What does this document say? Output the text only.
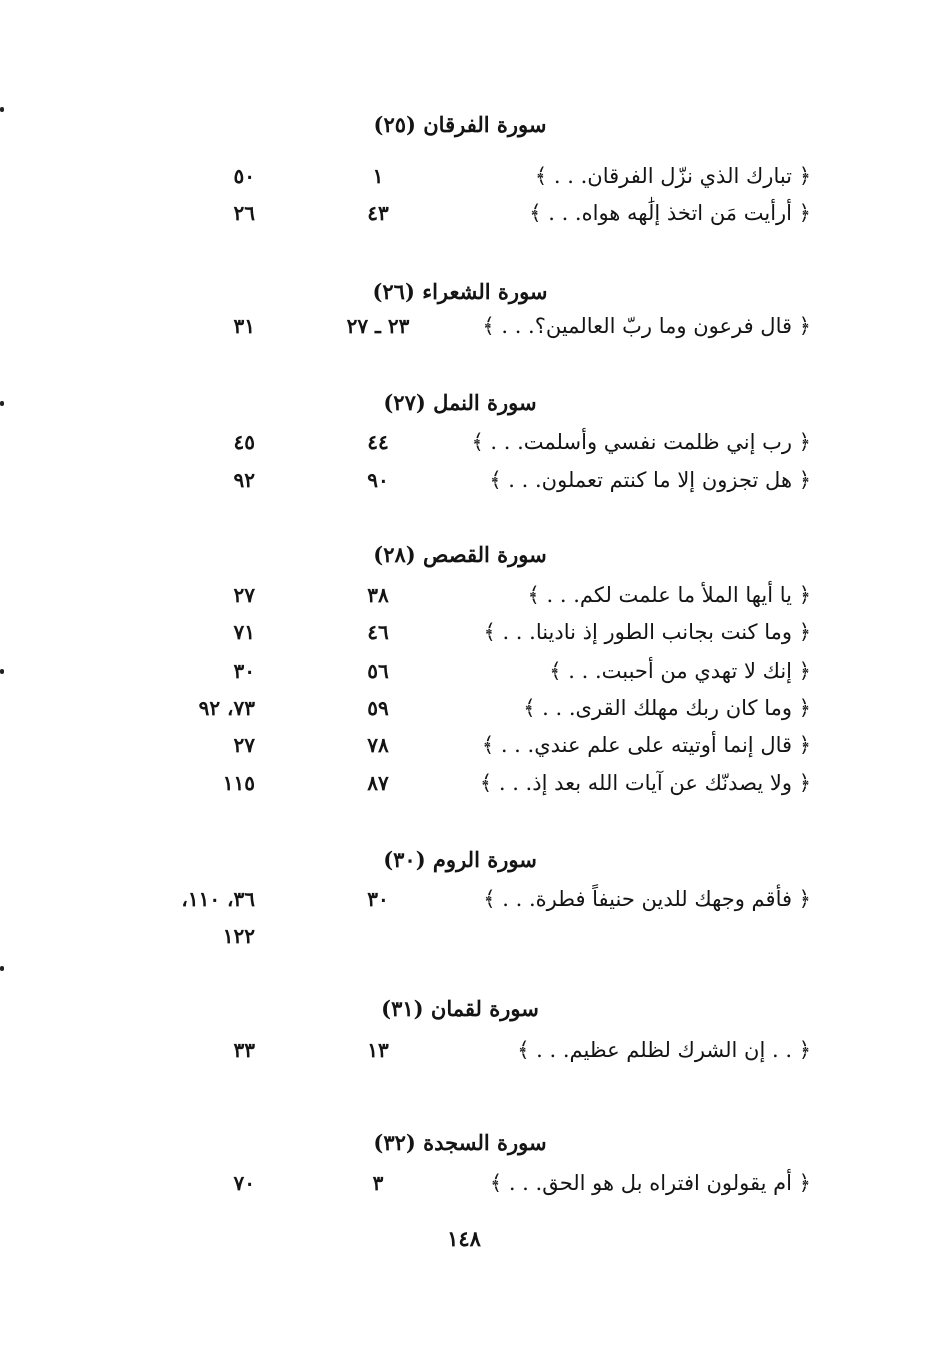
سورة الفرقان (٢٥)
﴿ تبارك الذي نزّل الفرقان. . . ﴾
١
٥٠
﴿ أرأيت مَن اتخذ إلَٰهه هواه. . . ﴾
٤٣
٢٦
سورة الشعراء (٢٦)
﴿ قال فرعون وما ربّ العالمين؟. . . ﴾
٢٣ ـ ٢٧
٣١
سورة النمل (٢٧)
﴿ رب إني ظلمت نفسي وأسلمت. . . ﴾
٤٤
٤٥
﴿ هل تجزون إلا ما كنتم تعملون. . . ﴾
٩٠
٩٢
سورة القصص (٢٨)
﴿ يا أيها الملأ ما علمت لكم. . . ﴾
٣٨
٢٧
﴿ وما كنت بجانب الطور إذ نادينا. . . ﴾
٤٦
٧١
﴿ إنك لا تهدي من أحببت. . . ﴾
٥٦
٣٠
﴿ وما كان ربك مهلك القرى. . . ﴾
٥٩
٧٣، ٩٢
﴿ قال إنما أوتيته على علم عندي. . . ﴾
٧٨
٢٧
﴿ ولا يصدنّك عن آيات الله بعد إذ. . . ﴾
٨٧
١١٥
سورة الروم (٣٠)
﴿ فأقم وجهك للدين حنيفاً فطرة. . . ﴾
٣٠
٣٦، ١١٠،
١٢٢
سورة لقمان (٣١)
﴿ . . إن الشرك لظلم عظيم. . . ﴾
١٣
٣٣
سورة السجدة (٣٢)
﴿ أم يقولون افتراه بل هو الحق. . . ﴾
٣
٧٠
١٤٨
